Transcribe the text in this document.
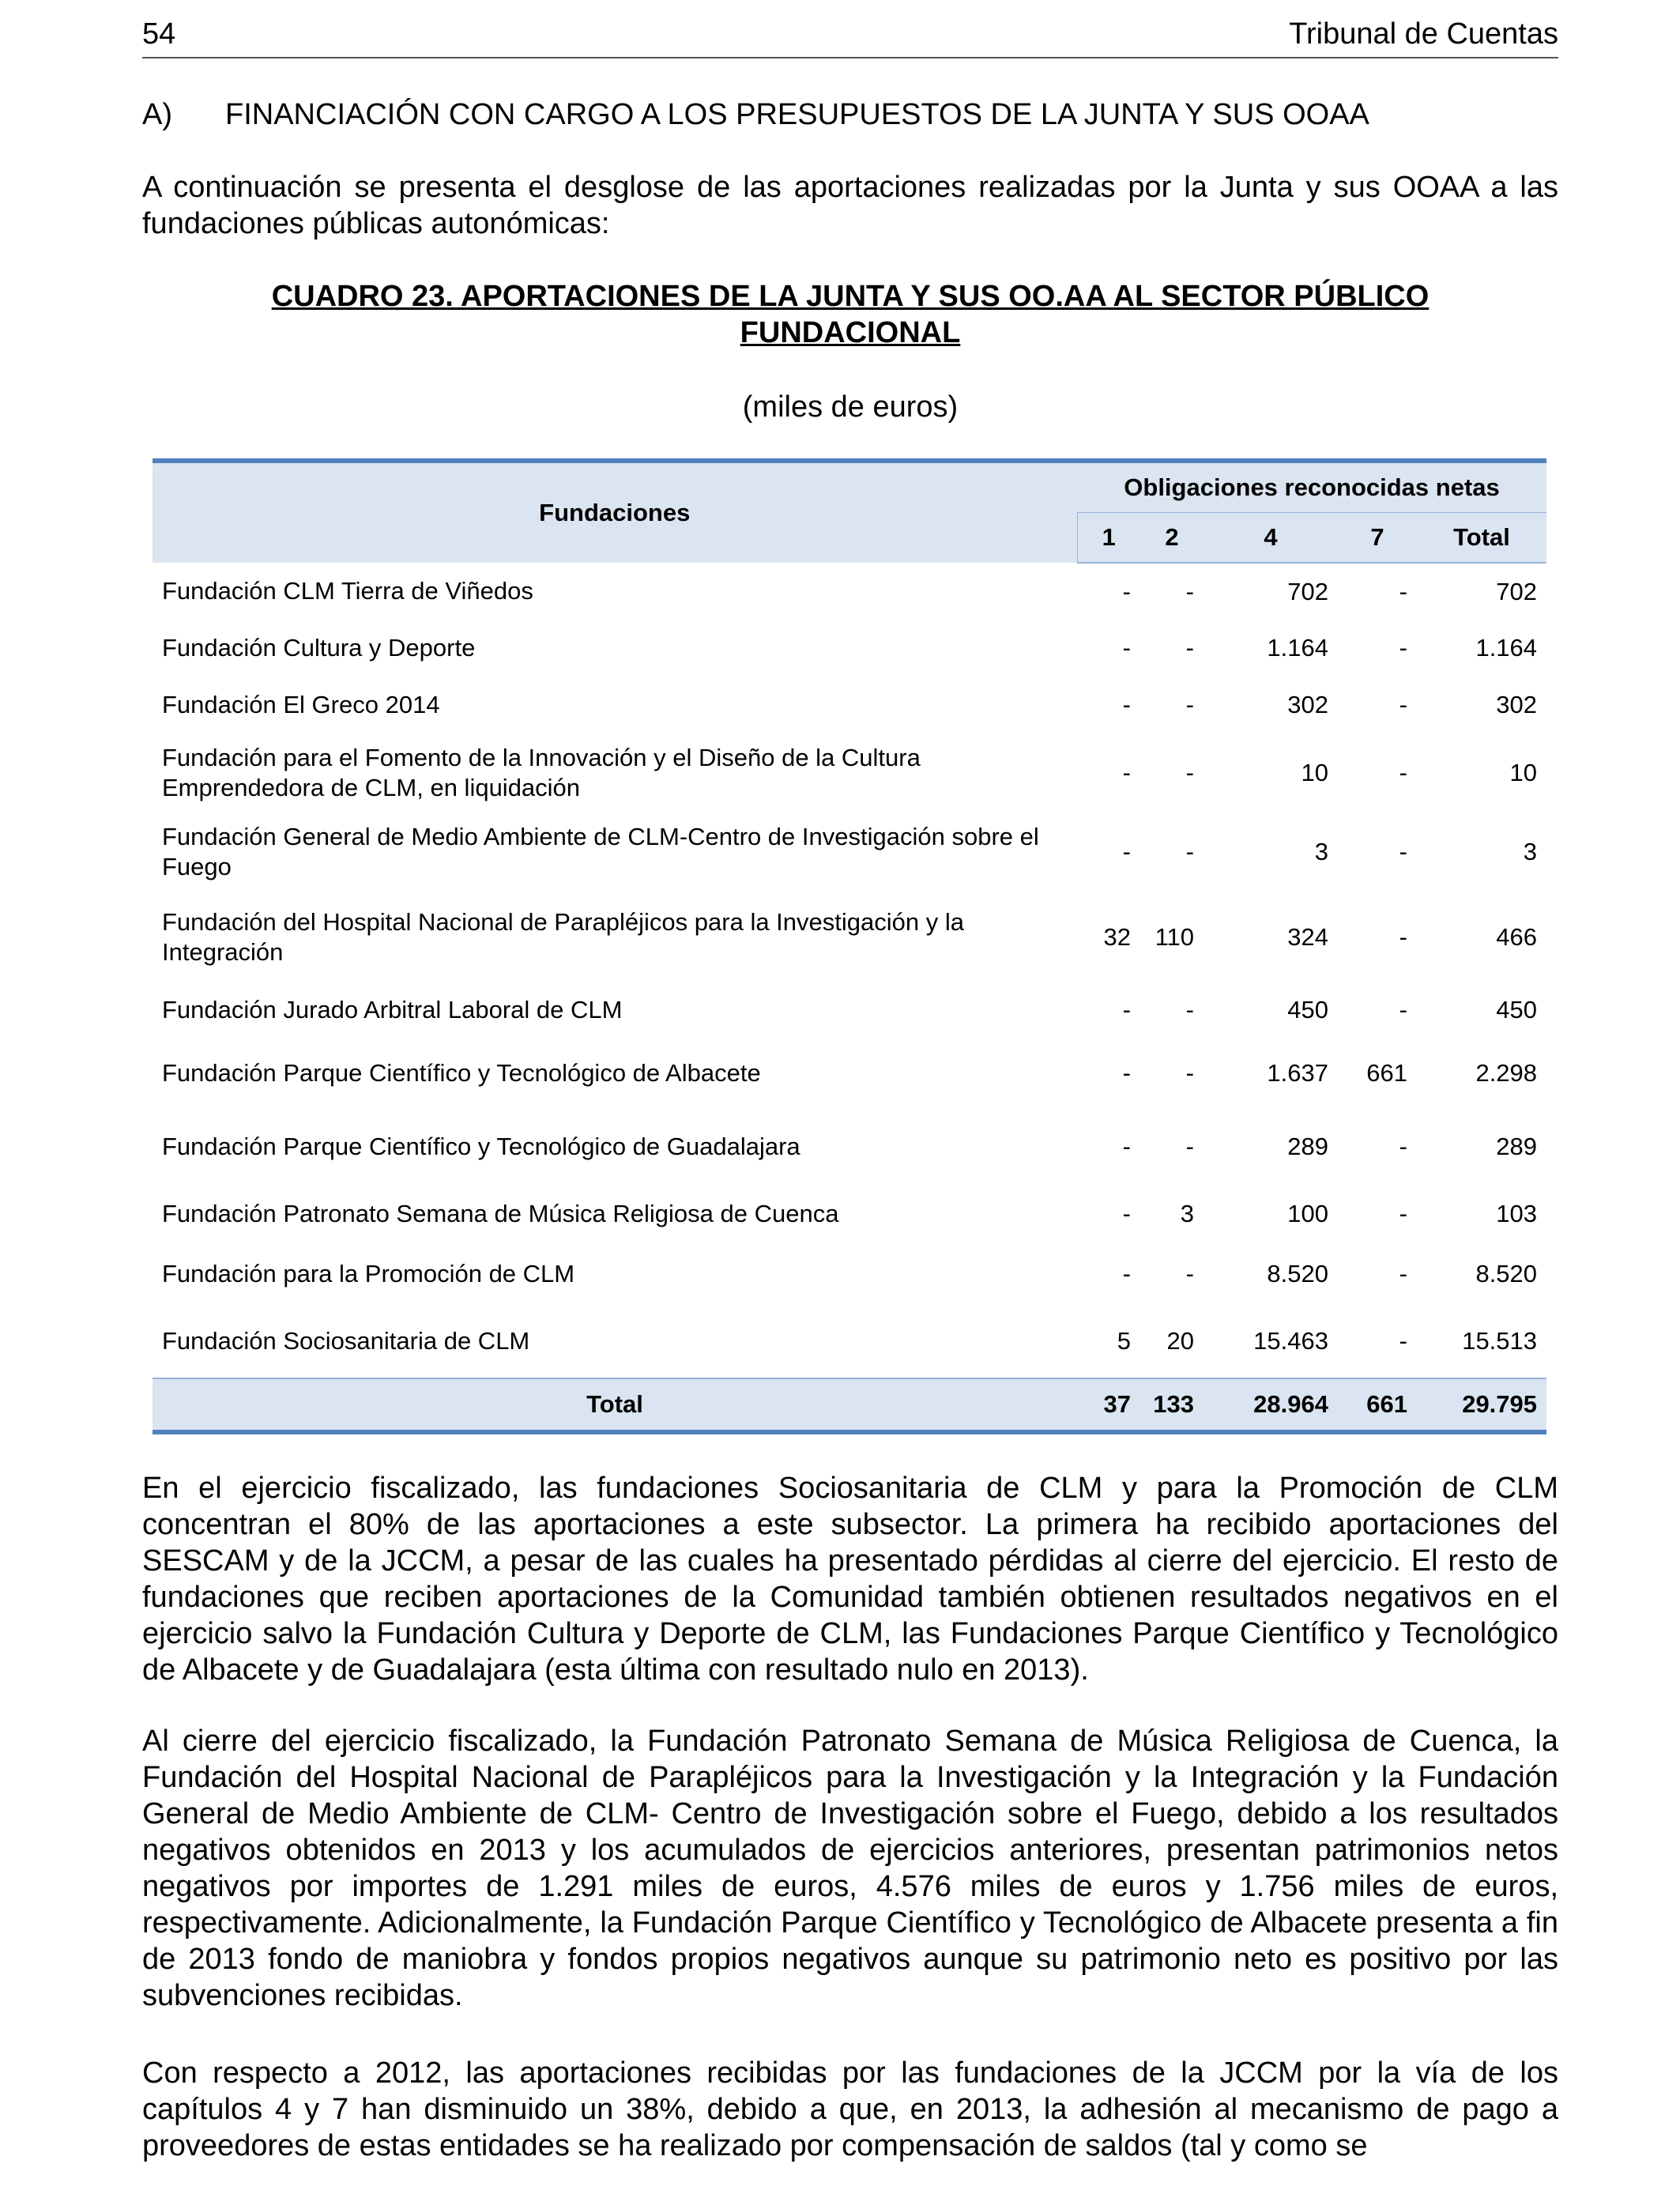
54	Tribunal de Cuentas
A) FINANCIACIÓN CON CARGO A LOS PRESUPUESTOS DE LA JUNTA Y SUS OOAA

A continuación se presenta el desglose de las aportaciones realizadas por la Junta y sus OOAA a las fundaciones públicas autonómicas:

CUADRO 23. APORTACIONES DE LA JUNTA Y SUS OO.AA AL SECTOR PÚBLICO
FUNDACIONAL
(miles de euros)
Fundaciones	Obligaciones reconocidas netas				
	1	2	4	7	Total
Fundación CLM Tierra de Viñedos	-	-	702	-	702
Fundación Cultura y Deporte	-	-	1.164	-	1.164
Fundación El Greco 2014	-	-	302	-	302
Fundación para el Fomento de la Innovación y el Diseño de la Cultura Emprendedora de CLM, en liquidación	-	-	10	-	10
Fundación General de Medio Ambiente de CLM-Centro de Investigación sobre el Fuego	-	-	3	-	3
Fundación del Hospital Nacional de Parapléjicos para la Investigación y la Integración	32	110	324	-	466
Fundación Jurado Arbitral Laboral de CLM	-	-	450	-	450
Fundación Parque Científico y Tecnológico de Albacete	-	-	1.637	661	2.298
Fundación Parque Científico y Tecnológico de Guadalajara	-	-	289	-	289
Fundación Patronato Semana de Música Religiosa de Cuenca	-	3	100	-	103
Fundación para la Promoción de CLM	-	-	8.520	-	8.520
Fundación Sociosanitaria de CLM	5	20	15.463	-	15.513
Total	37	133	28.964	661	29.795

En el ejercicio fiscalizado, las fundaciones Sociosanitaria de CLM y para la Promoción de CLM concentran el 80% de las aportaciones a este subsector. La primera ha recibido aportaciones del SESCAM y de la JCCM, a pesar de las cuales ha presentado pérdidas al cierre del ejercicio. El resto de fundaciones que reciben aportaciones de la Comunidad también obtienen resultados negativos en el ejercicio salvo la Fundación Cultura y Deporte de CLM, las Fundaciones Parque Científico y Tecnológico de Albacete y de Guadalajara (esta última con resultado nulo en 2013).

Al cierre del ejercicio fiscalizado, la Fundación Patronato Semana de Música Religiosa de Cuenca, la Fundación del Hospital Nacional de Parapléjicos para la Investigación y la Integración y la Fundación General de Medio Ambiente de CLM- Centro de Investigación sobre el Fuego, debido a los resultados negativos obtenidos en 2013 y los acumulados de ejercicios anteriores, presentan patrimonios netos negativos por importes de 1.291 miles de euros, 4.576 miles de euros y 1.756 miles de euros, respectivamente. Adicionalmente, la Fundación Parque Científico y Tecnológico de Albacete presenta a fin de 2013 fondo de maniobra y fondos propios negativos aunque su patrimonio neto es positivo por las subvenciones recibidas.

Con respecto a 2012, las aportaciones recibidas por las fundaciones de la JCCM por la vía de los capítulos 4 y 7 han disminuido un 38%, debido a que, en 2013, la adhesión al mecanismo de pago a proveedores de estas entidades se ha realizado por compensación de saldos (tal y como se
